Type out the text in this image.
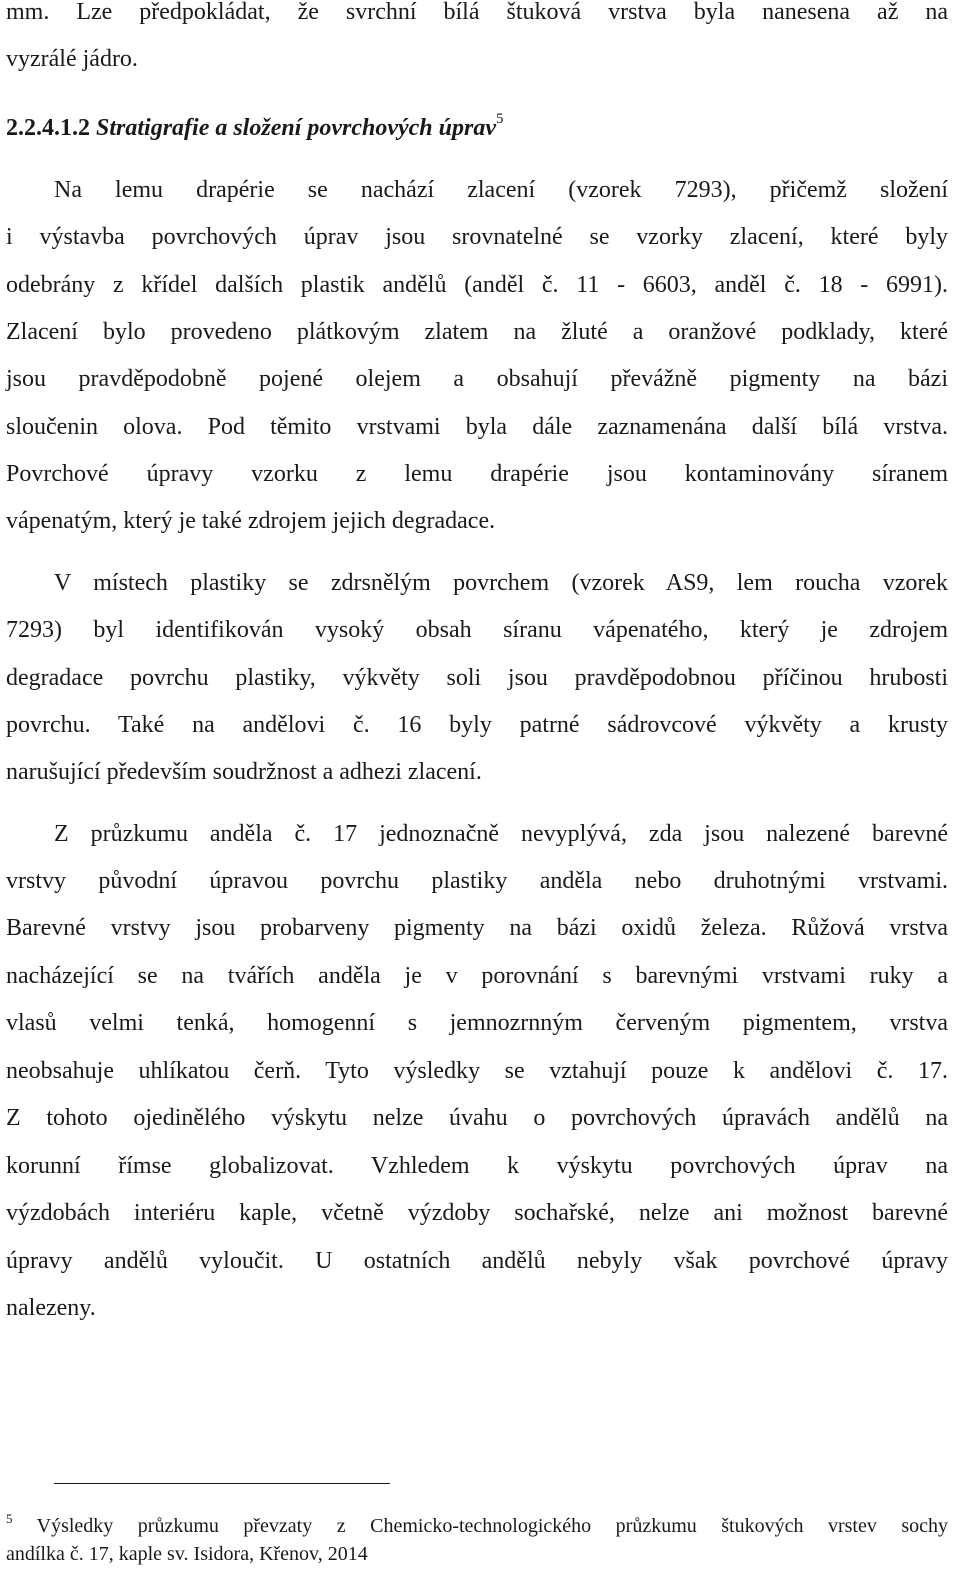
mm. Lze předpokládat, že svrchní bílá štuková vrstva byla nanesena až na
vyzrálé jádro.
2.2.4.1.2 Stratigrafie a složení povrchových úprav$^5$
Na lemu drapérie se nachází zlacení (vzorek 7293), přičemž složení
i výstavba povrchových úprav jsou srovnatelné se vzorky zlacení, které byly
odebrány z křídel dalších plastik andělů (anděl č. 11 - 6603, anděl č. 18 - 6991).
Zlacení bylo provedeno plátkovým zlatem na žluté a oranžové podklady, které
jsou pravděpodobně pojené olejem a obsahují převážně pigmenty na bázi
sloučenin olova. Pod těmito vrstvami byla dále zaznamenána další bílá vrstva.
Povrchové úpravy vzorku z lemu drapérie jsou kontaminovány síranem
vápenatým, který je také zdrojem jejich degradace.
V místech plastiky se zdrsnělým povrchem (vzorek AS9, lem roucha vzorek
7293) byl identifikován vysoký obsah síranu vápenatého, který je zdrojem
degradace povrchu plastiky, výkvěty soli jsou pravděpodobnou příčinou hrubosti
povrchu. Také na andělovi č. 16 byly patrné sádrovcové výkvěty a krusty
narušující především soudržnost a adhezi zlacení.
Z průzkumu anděla č. 17 jednoznačně nevyplývá, zda jsou nalezené barevné
vrstvy původní úpravou povrchu plastiky anděla nebo druhotnými vrstvami.
Barevné vrstvy jsou probarveny pigmenty na bázi oxidů železa. Růžová vrstva
nacházející se na tvářích anděla je v porovnání s barevnými vrstvami ruky a
vlasů velmi tenká, homogenní s jemnozrnným červeným pigmentem, vrstva
neobsahuje uhlíkatou čerň. Tyto výsledky se vztahují pouze k andělovi č. 17.
Z tohoto ojedinělého výskytu nelze úvahu o povrchových úpravách andělů na
korunní římse globalizovat. Vzhledem k výskytu povrchových úprav na
výzdobách interiéru kaple, včetně výzdoby sochařské, nelze ani možnost barevné
úpravy andělů vyloučit. U ostatních andělů nebyly však povrchové úpravy
nalezeny.
$^5$ Výsledky průzkumu převzaty z Chemicko-technologického průzkumu štukových vrstev sochy
andílka č. 17, kaple sv. Isidora, Křenov, 2014
